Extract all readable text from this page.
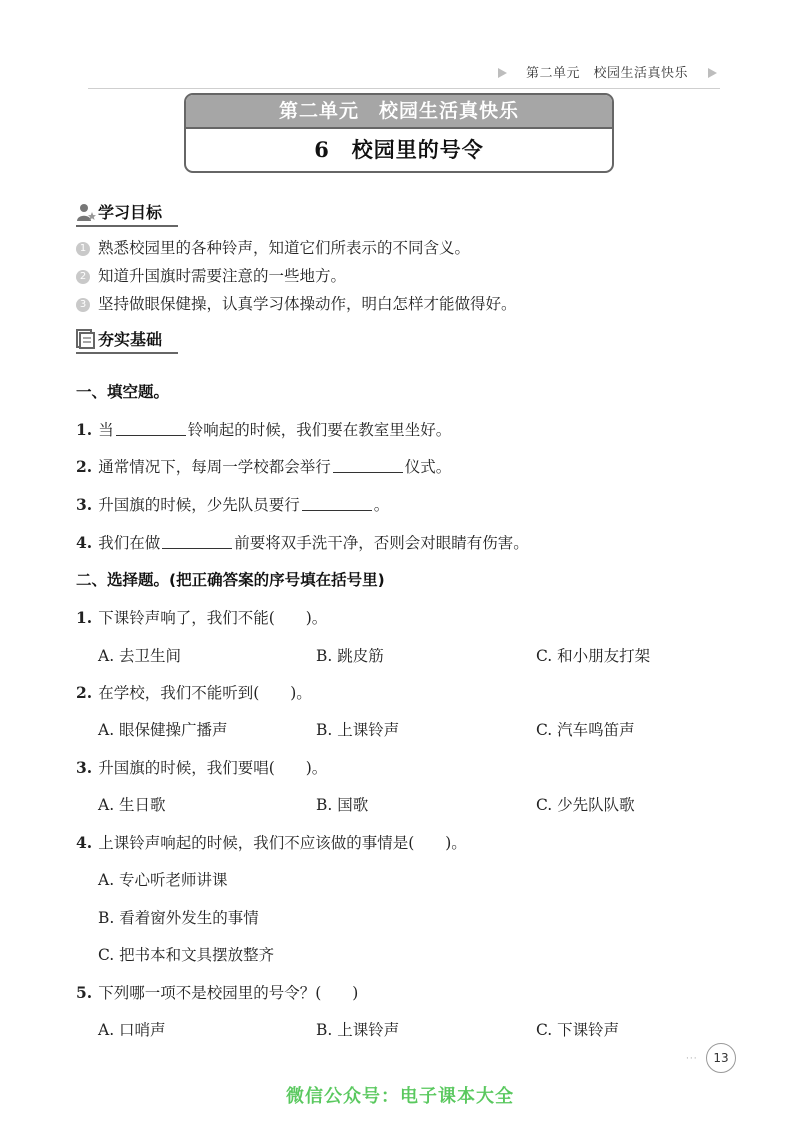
第二单元　校园生活真快乐
第二单元　校园生活真快乐
6　校园里的号令
学习目标
1 熟悉校园里的各种铃声，知道它们所表示的不同含义。
2 知道升国旗时需要注意的一些地方。
3 坚持做眼保健操，认真学习体操动作，明白怎样才能做得好。
夯实基础
一、填空题。
1. 当	铃响起的时候，我们要在教室里坐好。
2. 通常情况下，每周一学校都会举行	仪式。
3. 升国旗的时候，少先队员要行	。
4. 我们在做	前要将双手洗干净，否则会对眼睛有伤害。
二、选择题。(把正确答案的序号填在括号里)
1. 下课铃声响了，我们不能(　　)。
A. 去卫生间	B. 跳皮筋	C. 和小朋友打架
2. 在学校，我们不能听到(　　)。
A. 眼保健操广播声	B. 上课铃声	C. 汽车鸣笛声
3. 升国旗的时候，我们要唱(　　)。
A. 生日歌	B. 国歌	C. 少先队队歌
4. 上课铃声响起的时候，我们不应该做的事情是(　　)。
A. 专心听老师讲课
B. 看着窗外发生的事情
C. 把书本和文具摆放整齐
5. 下列哪一项不是校园里的号令？(　　)
A. 口哨声	B. 上课铃声	C. 下课铃声
···	13
微信公众号：电子课本大全
